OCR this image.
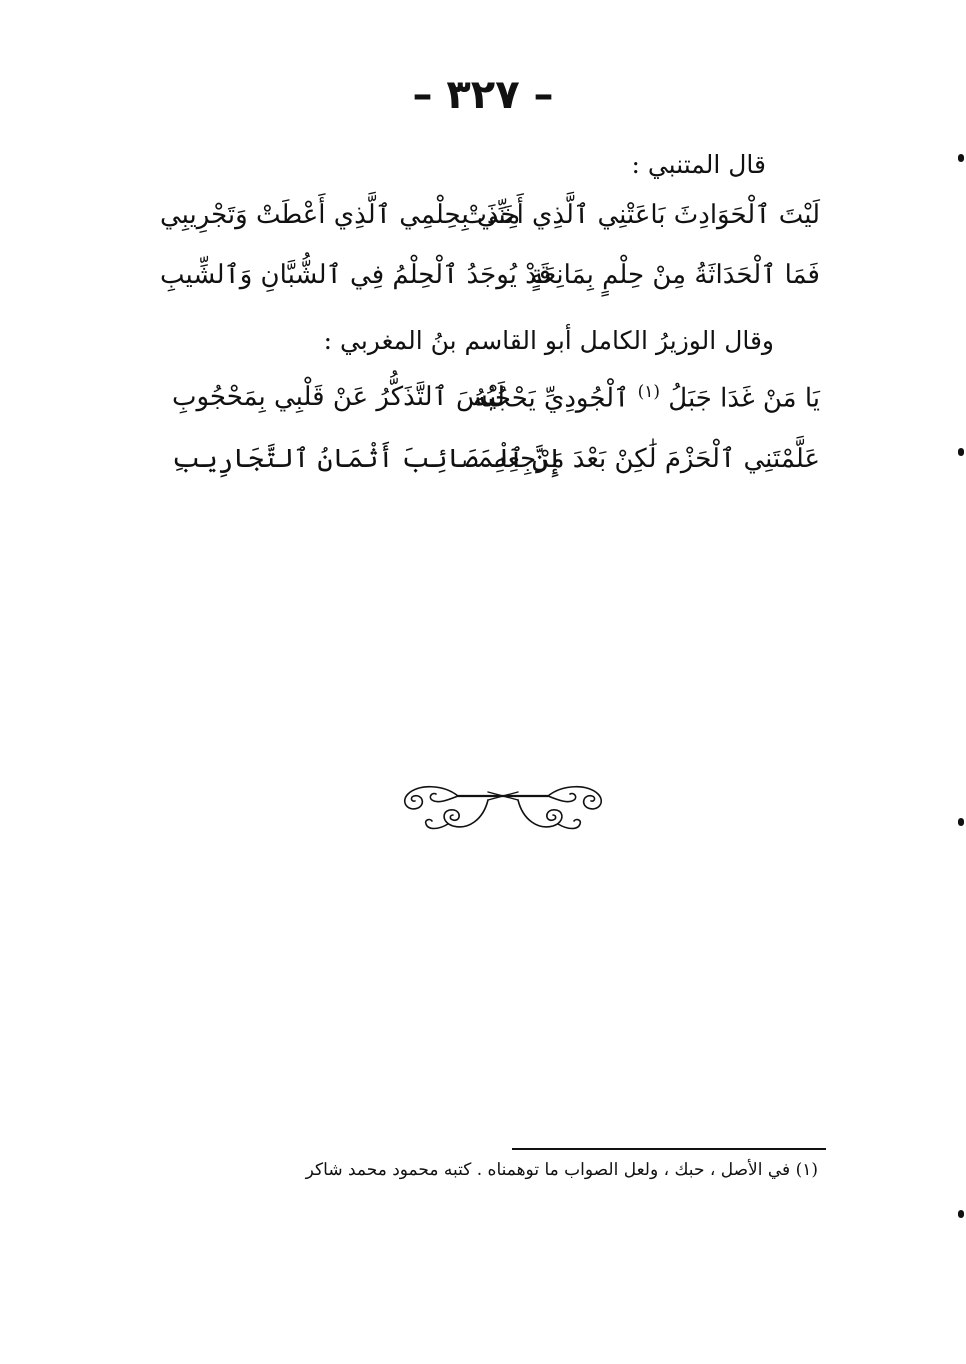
– ٣٢٧ –
قال المتنبي :
لَيْتَ ٱلْحَوَادِثَ بَاعَتْنِي ٱلَّذِي أَخَذَتْ
مِنِّي بِحِلْمِي ٱلَّذِي أَعْطَتْ وَتَجْرِيبِي
فَمَا ٱلْحَدَاثَةُ مِنْ حِلْمٍ بِمَانِعَةٍ
قَدْ يُوجَدُ ٱلْحِلْمُ فِي ٱلشُّبَّانِ وَٱلشِّيبِ
وقال الوزيرُ الكامل أبو القاسم بنُ المغربي :
يَا مَنْ غَدَا جَبَلُ $^{(١)}$ ٱلْجُودِيِّ يَحْجُبُهُ
لَيْسَ ٱلتَّذَكُّرُ عَنْ قَلْبِي بِمَحْجُوبِ
عَلَّمْتَنِي ٱلْحَزْمَ لَٰكِنْ بَعْدَ مَرْجِعِهِ
إِنَّ ٱلْمَصَائِبَ أَثْمَانُ ٱلتَّجَارِيبِ
(١) في الأصل ، حبك ، ولعل الصواب ما توهمناه . كتبه محمود محمد شاكر
